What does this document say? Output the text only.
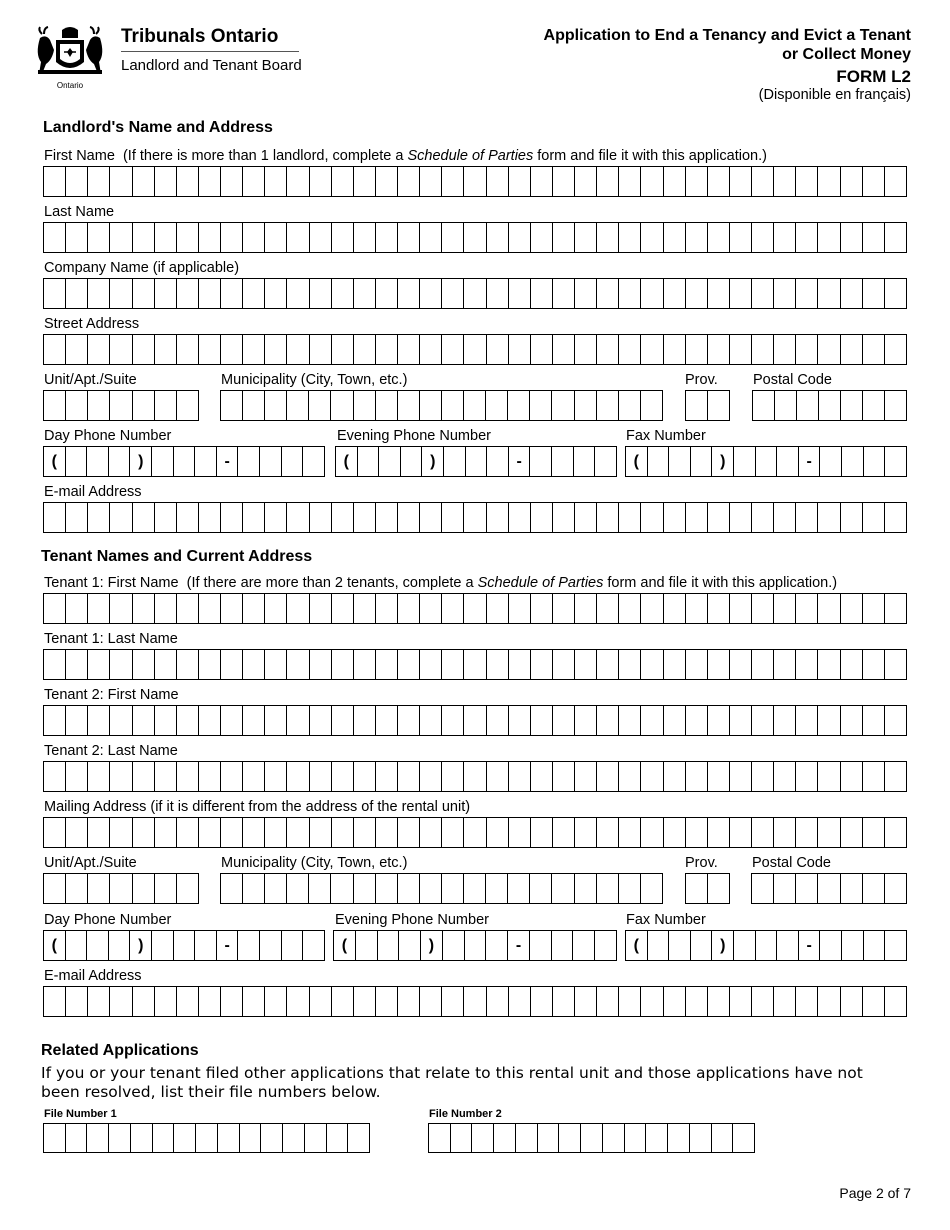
Ontario
Tribunals Ontario
Landlord and Tenant Board
Application to End a Tenancy and Evict a Tenant
or Collect Money
FORM L2
(Disponible en français)
Landlord's Name and Address
First Name (If there is more than 1 landlord, complete a Schedule of Parties form and file it with this application.)
Last Name
Company Name (if applicable)
Street Address
Unit/Apt./Suite	Municipality (City, Town, etc.)	Prov. Postal Code
Day Phone Number	Evening Phone Number	Fax Number
(	)	-	(	)	-	(	)	-
E-mail Address
Tenant Names and Current Address
Tenant 1: First Name (If there are more than 2 tenants, complete a Schedule of Parties form and file it with this application.)
Tenant 1: Last Name
Tenant 2: First Name
Tenant 2: Last Name
Mailing Address (if it is different from the address of the rental unit)
Unit/Apt./Suite	Municipality (City, Town, etc.)	Prov. Postal Code
Day Phone Number	Evening Phone Number	Fax Number
(	)	-	(	)	-	(	)	-
E-mail Address
Related Applications
If you or your tenant filed other applications that relate to this rental unit and those applications have not been resolved, list their file numbers below.
File Number 1	File Number 2
Page 2 of 7
